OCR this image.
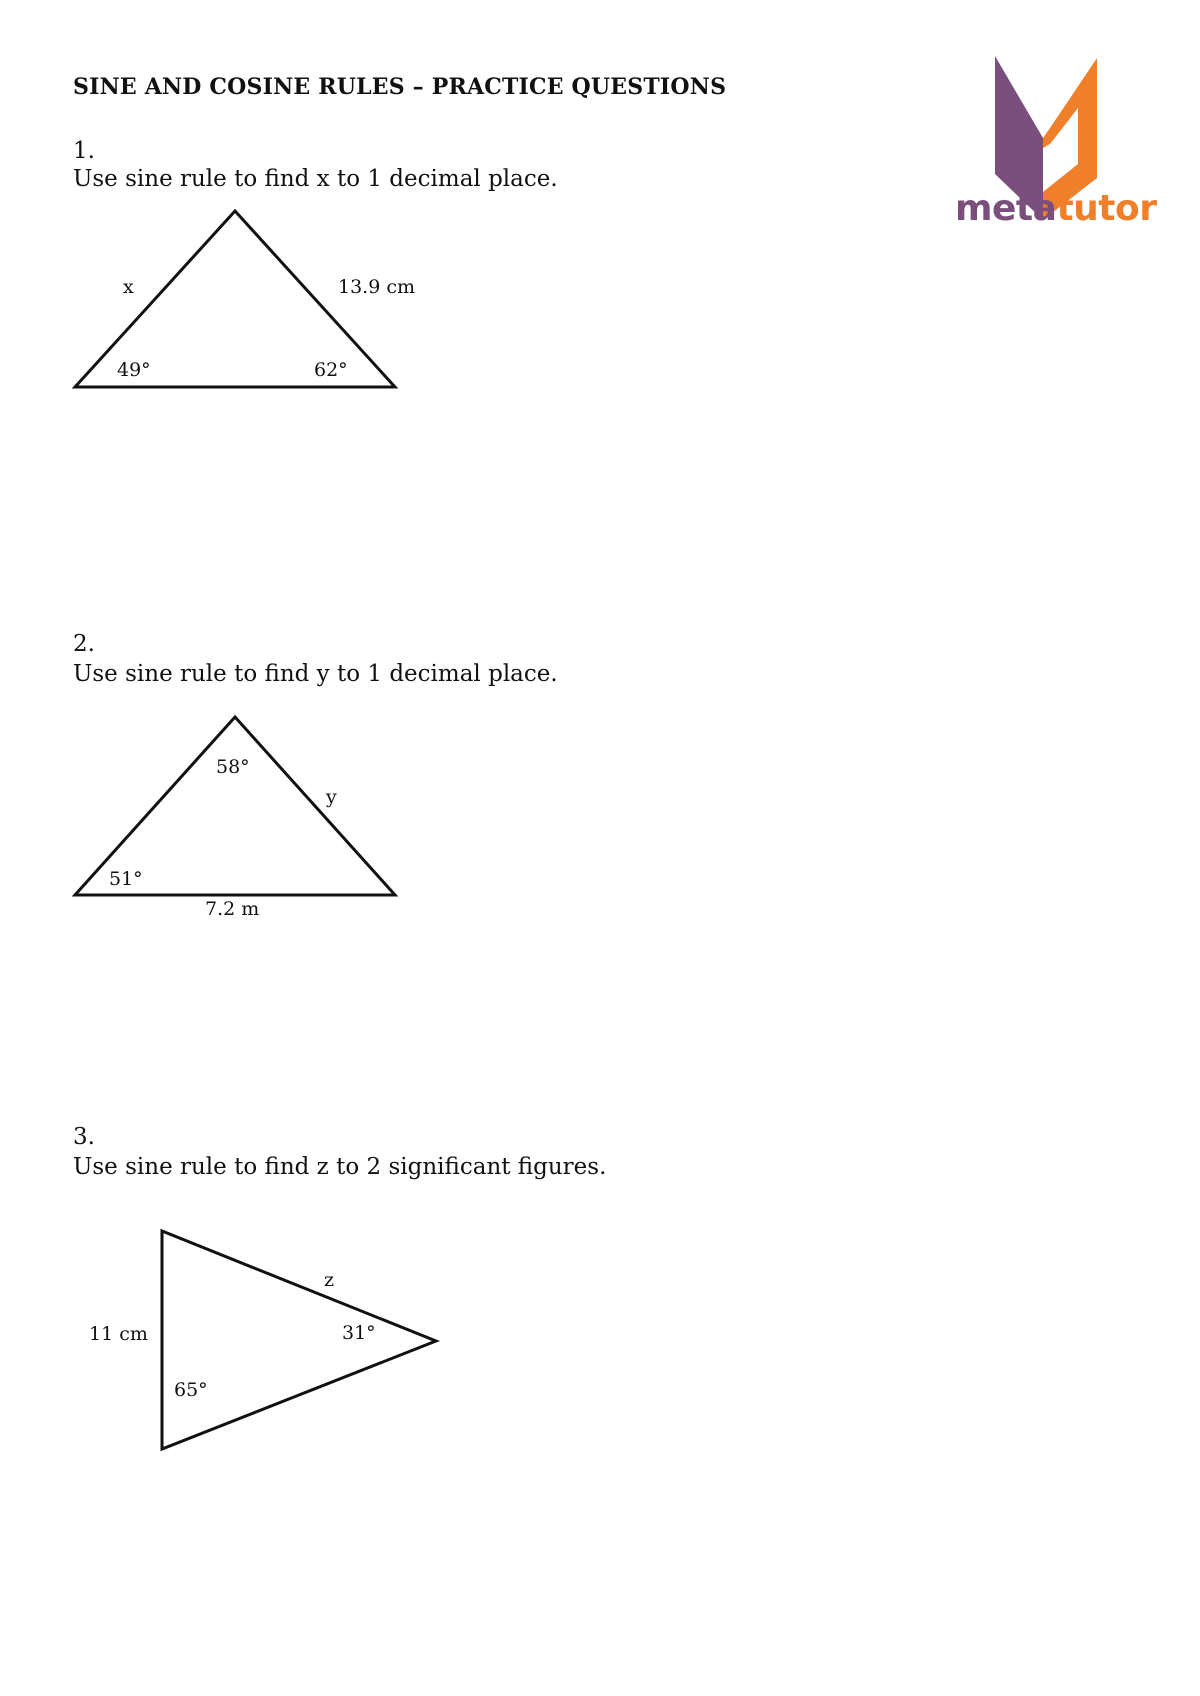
SINE AND COSINE RULES – PRACTICE QUESTIONS
metatutor
1.
Use sine rule to find x to 1 decimal place.
x	13.9 cm
49°	62°
2.
Use sine rule to find y to 1 decimal place.
58°
y
51°
7.2 m
3.
Use sine rule to find z to 2 significant figures.
z
11 cm	31°
65°
